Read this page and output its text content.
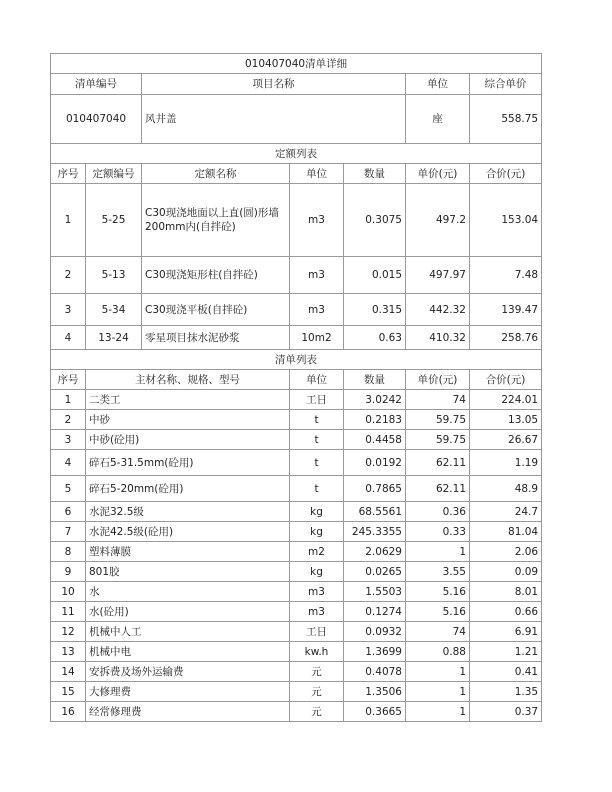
010407040清单详细						
清单编号		项目名称			单位	综合单价
010407040		风井盖			座	558.75
定额列表						
序号	定额编号	定额名称	单位	数量	单价(元)	合价(元)
1	5-25	C30现浇地面以上直(圆)形墙200mm内(自拌砼)	m3	0.3075	497.2	153.04
2	5-13	C30现浇矩形柱(自拌砼)	m3	0.015	497.97	7.48
3	5-34	C30现浇平板(自拌砼)	m3	0.315	442.32	139.47
4	13-24	零星项目抹水泥砂浆	10m2	0.63	410.32	258.76
清单列表						
序号	主材名称、规格、型号		单位	数量	单价(元)	合价(元)
1	二类工		工日	3.0242	74	224.01
2	中砂		t	0.2183	59.75	13.05
3	中砂(砼用)		t	0.4458	59.75	26.67
4	碎石5-31.5mm(砼用)		t	0.0192	62.11	1.19
5	碎石5-20mm(砼用)		t	0.7865	62.11	48.9
6	水泥32.5级		kg	68.5561	0.36	24.7
7	水泥42.5级(砼用)		kg	245.3355	0.33	81.04
8	塑料薄膜		m2	2.0629	1	2.06
9	801胶		kg	0.0265	3.55	0.09
10	水		m3	1.5503	5.16	8.01
11	水(砼用)		m3	0.1274	5.16	0.66
12	机械中人工		工日	0.0932	74	6.91
13	机械中电		kw.h	1.3699	0.88	1.21
14	安拆费及场外运输费		元	0.4078	1	0.41
15	大修理费		元	1.3506	1	1.35
16	经常修理费		元	0.3665	1	0.37
